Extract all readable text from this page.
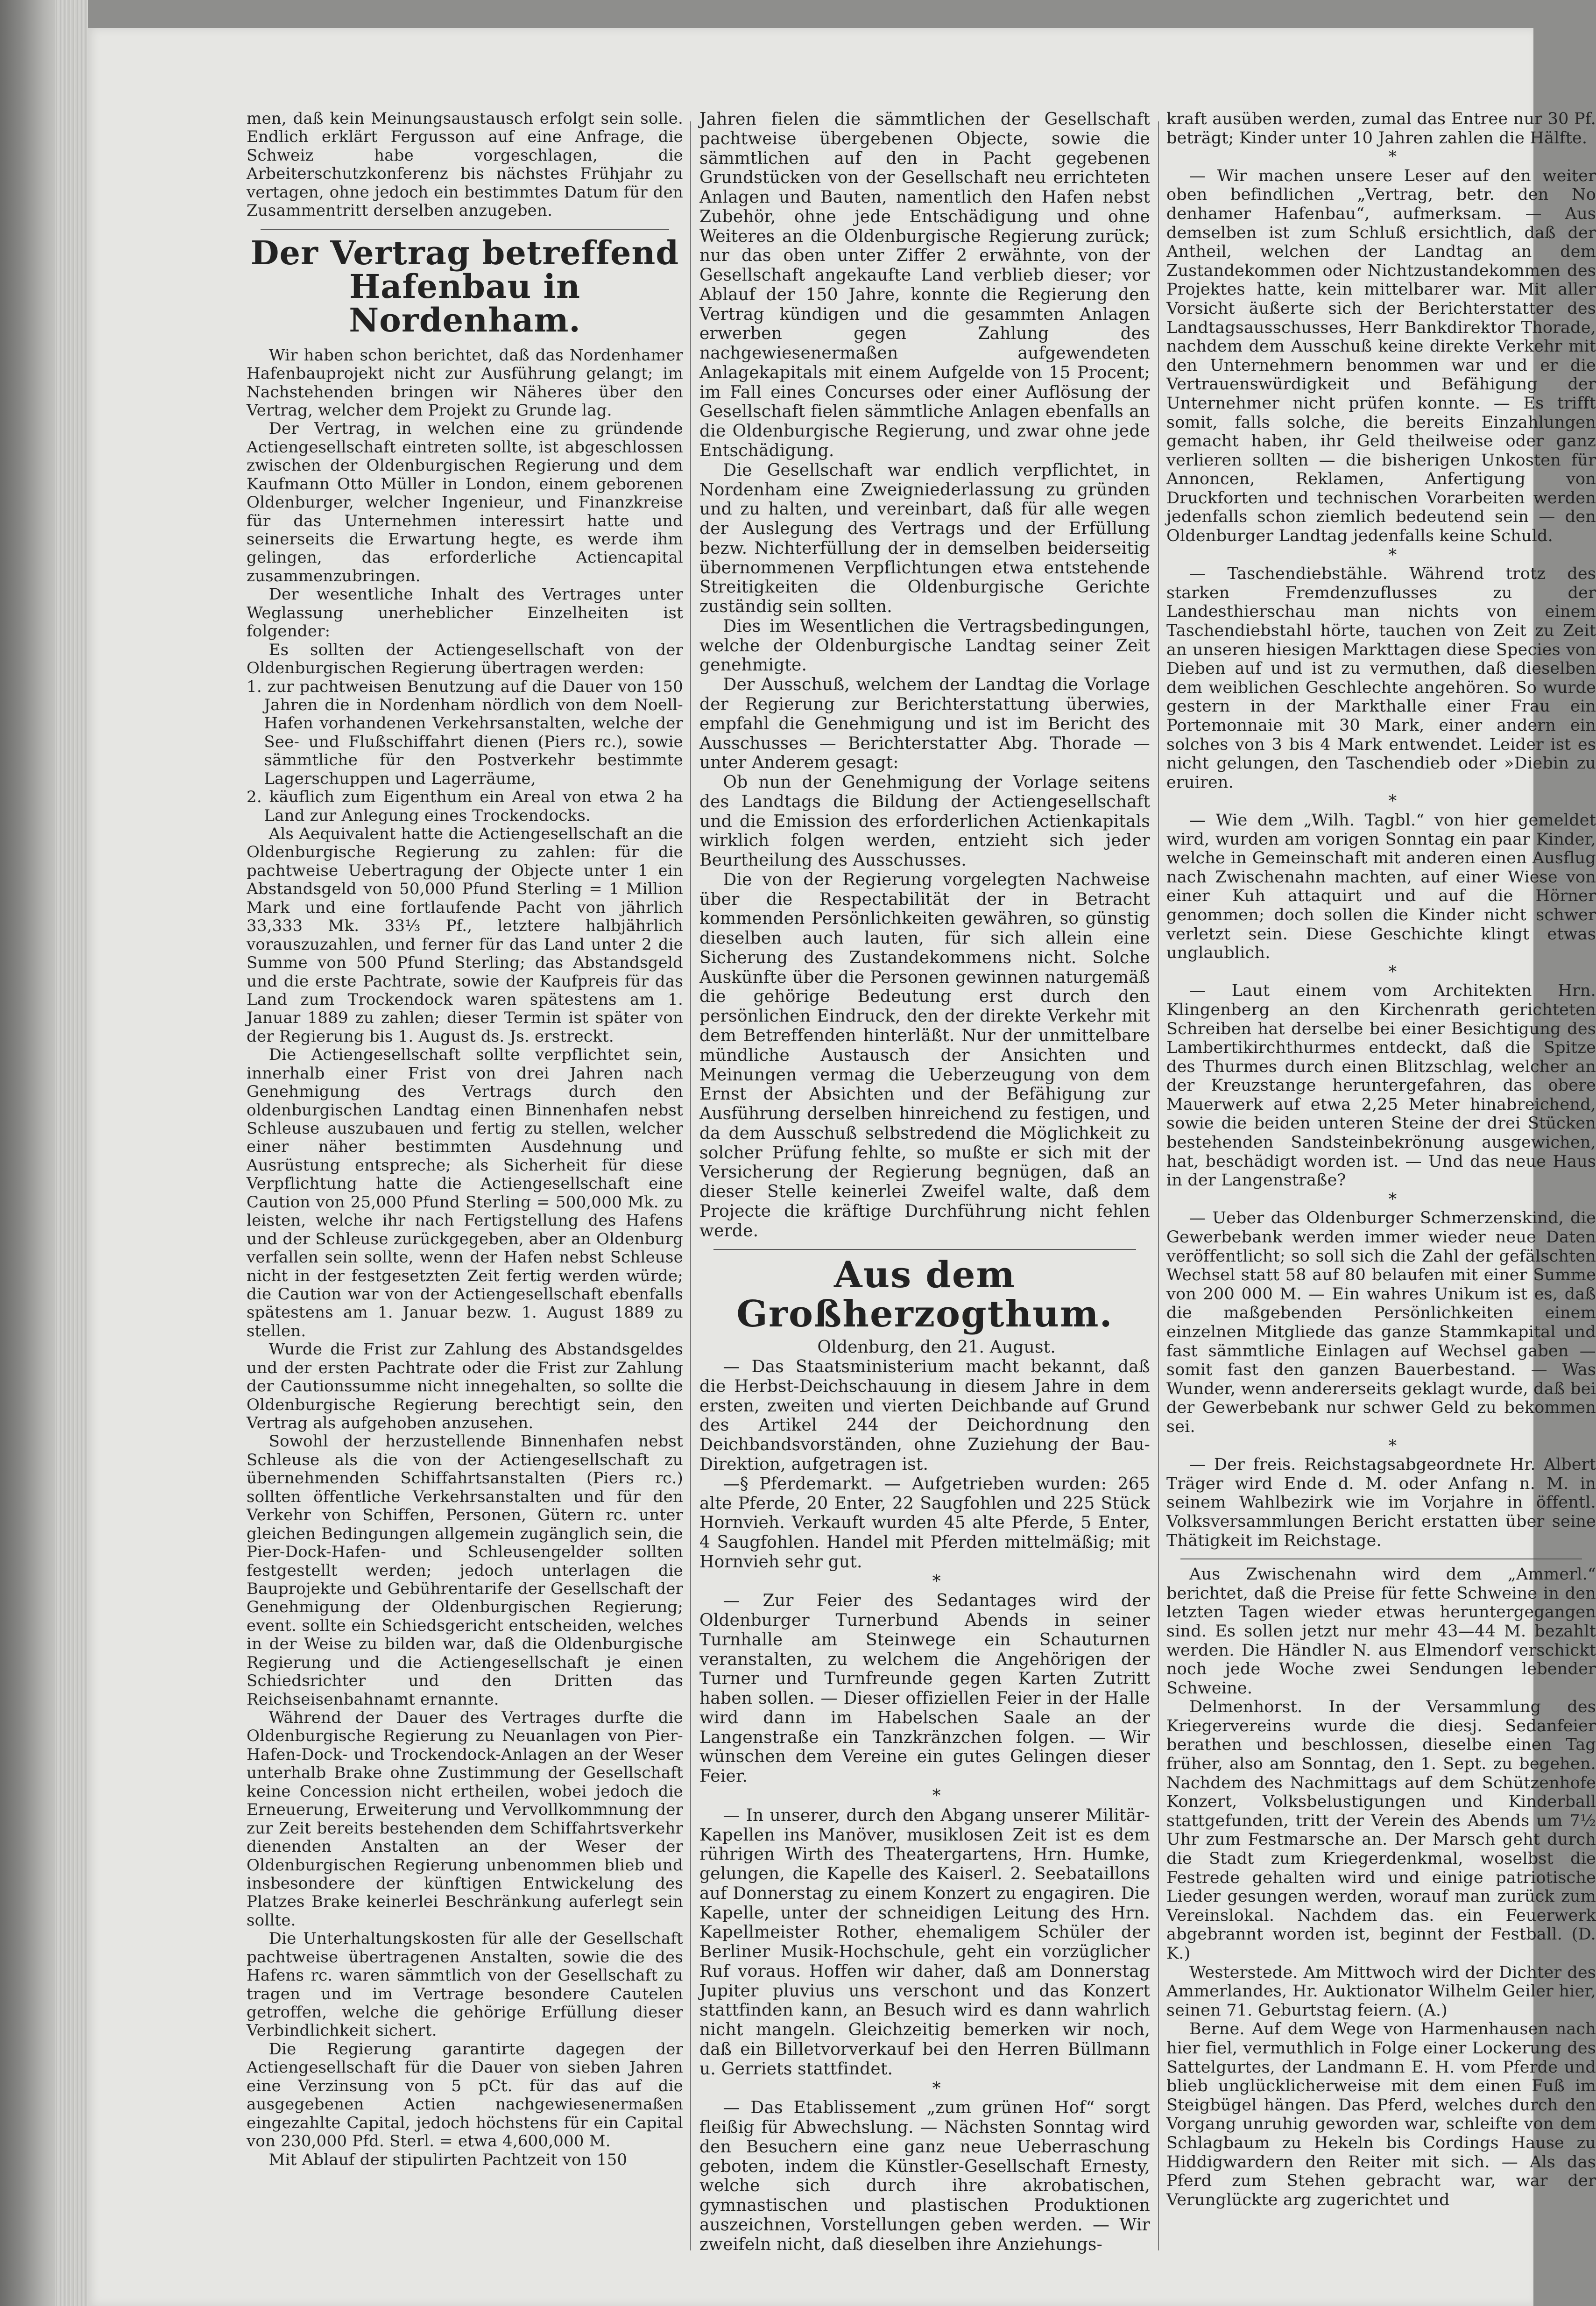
men, daß kein Meinungsaustausch erfolgt sein solle. Endlich erklärt Fergusson auf eine Anfrage, die Schweiz habe vorgeschlagen, die Arbeiterschutzkonferenz bis nächstes Frühjahr zu vertagen, ohne jedoch ein bestimmtes Datum für den Zusammentritt derselben anzugeben.

Der Vertrag betreffend Hafenbau in Nordenham.

Wir haben schon berichtet, daß das Nordenhamer Hafenbauprojekt nicht zur Ausführung gelangt; im Nachstehenden bringen wir Näheres über den Vertrag, welcher dem Projekt zu Grunde lag.

Der Vertrag, in welchen eine zu gründende Actiengesellschaft eintreten sollte, ist abgeschlossen zwischen der Oldenburgischen Regierung und dem Kaufmann Otto Müller in London, einem geborenen Oldenburger, welcher Ingenieur, und Finanzkreise für das Unternehmen interessirt hatte und seinerseits die Erwartung hegte, es werde ihm gelingen, das erforderliche Actiencapital zusammenzubringen.

Der wesentliche Inhalt des Vertrages unter Weglassung unerheblicher Einzelheiten ist folgender:

Es sollten der Actiengesellschaft von der Oldenburgischen Regierung übertragen werden:

1. zur pachtweisen Benutzung auf die Dauer von 150 Jahren die in Nordenham nördlich von dem Noell-Hafen vorhandenen Verkehrsanstalten, welche der See- und Flußschiffahrt dienen (Piers rc.), sowie sämmtliche für den Postverkehr bestimmte Lagerschuppen und Lagerräume,

2. käuflich zum Eigenthum ein Areal von etwa 2 ha Land zur Anlegung eines Trockendocks.

Als Aequivalent hatte die Actiengesellschaft an die Oldenburgische Regierung zu zahlen: für die pachtweise Uebertragung der Objecte unter 1 ein Abstandsgeld von 50,000 Pfund Sterling = 1 Million Mark und eine fortlaufende Pacht von jährlich 33,333 Mk. 33⅓ Pf., letztere halbjährlich vorauszuzahlen, und ferner für das Land unter 2 die Summe von 500 Pfund Sterling; das Abstandsgeld und die erste Pachtrate, sowie der Kaufpreis für das Land zum Trockendock waren spätestens am 1. Januar 1889 zu zahlen; dieser Termin ist später von der Regierung bis 1. August ds. Js. erstreckt.

Die Actiengesellschaft sollte verpflichtet sein, innerhalb einer Frist von drei Jahren nach Genehmigung des Vertrags durch den oldenburgischen Landtag einen Binnenhafen nebst Schleuse auszubauen und fertig zu stellen, welcher einer näher bestimmten Ausdehnung und Ausrüstung entspreche; als Sicherheit für diese Verpflichtung hatte die Actiengesellschaft eine Caution von 25,000 Pfund Sterling = 500,000 Mk. zu leisten, welche ihr nach Fertigstellung des Hafens und der Schleuse zurückgegeben, aber an Oldenburg verfallen sein sollte, wenn der Hafen nebst Schleuse nicht in der festgesetzten Zeit fertig werden würde; die Caution war von der Actiengesellschaft ebenfalls spätestens am 1. Januar bezw. 1. August 1889 zu stellen.

Wurde die Frist zur Zahlung des Abstandsgeldes und der ersten Pachtrate oder die Frist zur Zahlung der Cautionssumme nicht innegehalten, so sollte die Oldenburgische Regierung berechtigt sein, den Vertrag als aufgehoben anzusehen.

Sowohl der herzustellende Binnenhafen nebst Schleuse als die von der Actiengesellschaft zu übernehmenden Schiffahrtsanstalten (Piers rc.) sollten öffentliche Verkehrsanstalten und für den Verkehr von Schiffen, Personen, Gütern rc. unter gleichen Bedingungen allgemein zugänglich sein, die Pier-Dock-Hafen- und Schleusengelder sollten festgestellt werden; jedoch unterlagen die Bauprojekte und Gebührentarife der Gesellschaft der Genehmigung der Oldenburgischen Regierung; event. sollte ein Schiedsgericht entscheiden, welches in der Weise zu bilden war, daß die Oldenburgische Regierung und die Actiengesellschaft je einen Schiedsrichter und den Dritten das Reichseisenbahnamt ernannte.

Während der Dauer des Vertrages durfte die Oldenburgische Regierung zu Neuanlagen von Pier-Hafen-Dock- und Trockendock-Anlagen an der Weser unterhalb Brake ohne Zustimmung der Gesellschaft keine Concession nicht ertheilen, wobei jedoch die Erneuerung, Erweiterung und Vervollkommnung der zur Zeit bereits bestehenden dem Schiffahrtsverkehr dienenden Anstalten an der Weser der Oldenburgischen Regierung unbenommen blieb und insbesondere der künftigen Entwickelung des Platzes Brake keinerlei Beschränkung auferlegt sein sollte.

Die Unterhaltungskosten für alle der Gesellschaft pachtweise übertragenen Anstalten, sowie die des Hafens rc. waren sämmtlich von der Gesellschaft zu tragen und im Vertrage besondere Cautelen getroffen, welche die gehörige Erfüllung dieser Verbindlichkeit sichert.

Die Regierung garantirte dagegen der Actiengesellschaft für die Dauer von sieben Jahren eine Verzinsung von 5 pCt. für das auf die ausgegebenen Actien nachgewiesenermaßen eingezahlte Capital, jedoch höchstens für ein Capital von 230,000 Pfd. Sterl. = etwa 4,600,000 M.

Mit Ablauf der stipulirten Pachtzeit von 150

Jahren fielen die sämmtlichen der Gesellschaft pachtweise übergebenen Objecte, sowie die sämmtlichen auf den in Pacht gegebenen Grundstücken von der Gesellschaft neu errichteten Anlagen und Bauten, namentlich den Hafen nebst Zubehör, ohne jede Entschädigung und ohne Weiteres an die Oldenburgische Regierung zurück; nur das oben unter Ziffer 2 erwähnte, von der Gesellschaft angekaufte Land verblieb dieser; vor Ablauf der 150 Jahre, konnte die Regierung den Vertrag kündigen und die gesammten Anlagen erwerben gegen Zahlung des nachgewiesenermaßen aufgewendeten Anlagekapitals mit einem Aufgelde von 15 Procent; im Fall eines Concurses oder einer Auflösung der Gesellschaft fielen sämmtliche Anlagen ebenfalls an die Oldenburgische Regierung, und zwar ohne jede Entschädigung.

Die Gesellschaft war endlich verpflichtet, in Nordenham eine Zweigniederlassung zu gründen und zu halten, und vereinbart, daß für alle wegen der Auslegung des Vertrags und der Erfüllung bezw. Nichterfüllung der in demselben beiderseitig übernommenen Verpflichtungen etwa entstehende Streitigkeiten die Oldenburgische Gerichte zuständig sein sollten.

Dies im Wesentlichen die Vertragsbedingungen, welche der Oldenburgische Landtag seiner Zeit genehmigte.

Der Ausschuß, welchem der Landtag die Vorlage der Regierung zur Berichterstattung überwies, empfahl die Genehmigung und ist im Bericht des Ausschusses — Berichterstatter Abg. Thorade — unter Anderem gesagt:

Ob nun der Genehmigung der Vorlage seitens des Landtags die Bildung der Actiengesellschaft und die Emission des erforderlichen Actienkapitals wirklich folgen werden, entzieht sich jeder Beurtheilung des Ausschusses.

Die von der Regierung vorgelegten Nachweise über die Respectabilität der in Betracht kommenden Persönlichkeiten gewähren, so günstig dieselben auch lauten, für sich allein eine Sicherung des Zustandekommens nicht. Solche Auskünfte über die Personen gewinnen naturgemäß die gehörige Bedeutung erst durch den persönlichen Eindruck, den der direkte Verkehr mit dem Betreffenden hinterläßt. Nur der unmittelbare mündliche Austausch der Ansichten und Meinungen vermag die Ueberzeugung von dem Ernst der Absichten und der Befähigung zur Ausführung derselben hinreichend zu festigen, und da dem Ausschuß selbstredend die Möglichkeit zu solcher Prüfung fehlte, so mußte er sich mit der Versicherung der Regierung begnügen, daß an dieser Stelle keinerlei Zweifel walte, daß dem Projecte die kräftige Durchführung nicht fehlen werde.

Aus dem Großherzogthum.

Oldenburg, den 21. August.

— Das Staatsministerium macht bekannt, daß die Herbst-Deichschauung in diesem Jahre in dem ersten, zweiten und vierten Deichbande auf Grund des Artikel 244 der Deichordnung den Deichbandsvorständen, ohne Zuziehung der Bau-Direktion, aufgetragen ist.

—§ Pferdemarkt. — Aufgetrieben wurden: 265 alte Pferde, 20 Enter, 22 Saugfohlen und 225 Stück Hornvieh. Verkauft wurden 45 alte Pferde, 5 Enter, 4 Saugfohlen. Handel mit Pferden mittelmäßig; mit Hornvieh sehr gut.

*

— Zur Feier des Sedantages wird der Oldenburger Turnerbund Abends in seiner Turnhalle am Steinwege ein Schauturnen veranstalten, zu welchem die Angehörigen der Turner und Turnfreunde gegen Karten Zutritt haben sollen. — Dieser offiziellen Feier in der Halle wird dann im Habelschen Saale an der Langenstraße ein Tanzkränzchen folgen. — Wir wünschen dem Vereine ein gutes Gelingen dieser Feier.

*

— In unserer, durch den Abgang unserer Militär-Kapellen ins Manöver, musiklosen Zeit ist es dem rührigen Wirth des Theatergartens, Hrn. Humke, gelungen, die Kapelle des Kaiserl. 2. Seebataillons auf Donnerstag zu einem Konzert zu engagiren. Die Kapelle, unter der schneidigen Leitung des Hrn. Kapellmeister Rother, ehemaligem Schüler der Berliner Musik-Hochschule, geht ein vorzüglicher Ruf voraus. Hoffen wir daher, daß am Donnerstag Jupiter pluvius uns verschont und das Konzert stattfinden kann, an Besuch wird es dann wahrlich nicht mangeln. Gleichzeitig bemerken wir noch, daß ein Billetvorverkauf bei den Herren Büllmann u. Gerriets stattfindet.

*

— Das Etablissement „zum grünen Hof“ sorgt fleißig für Abwechslung. — Nächsten Sonntag wird den Besuchern eine ganz neue Ueberraschung geboten, indem die Künstler-Gesellschaft Ernesty, welche sich durch ihre akrobatischen, gymnastischen und plastischen Produktionen auszeichnen, Vorstellungen geben werden. — Wir zweifeln nicht, daß dieselben ihre Anziehungs-

kraft ausüben werden, zumal das Entree nur 30 Pf. beträgt; Kinder unter 10 Jahren zahlen die Hälfte.

*

— Wir machen unsere Leser auf den weiter oben befindlichen „Vertrag, betr. den No denhamer Hafenbau“, aufmerksam. — Aus demselben ist zum Schluß ersichtlich, daß der Antheil, welchen der Landtag an dem Zustandekommen oder Nichtzustandekommen des Projektes hatte, kein mittelbarer war. Mit aller Vorsicht äußerte sich der Berichterstatter des Landtagsausschusses, Herr Bankdirektor Thorade, nachdem dem Ausschuß keine direkte Verkehr mit den Unternehmern benommen war und er die Vertrauenswürdigkeit und Befähigung der Unternehmer nicht prüfen konnte. — Es trifft somit, falls solche, die bereits Einzahlungen gemacht haben, ihr Geld theilweise oder ganz verlieren sollten — die bisherigen Unkosten für Annoncen, Reklamen, Anfertigung von Druckforten und technischen Vorarbeiten werden jedenfalls schon ziemlich bedeutend sein — den Oldenburger Landtag jedenfalls keine Schuld.

*

— Taschendiebstähle. Während trotz des starken Fremdenzuflusses zu der Landesthierschau man nichts von einem Taschendiebstahl hörte, tauchen von Zeit zu Zeit an unseren hiesigen Markttagen diese Species von Dieben auf und ist zu vermuthen, daß dieselben dem weiblichen Geschlechte angehören. So wurde gestern in der Markthalle einer Frau ein Portemonnaie mit 30 Mark, einer andern ein solches von 3 bis 4 Mark entwendet. Leider ist es nicht gelungen, den Taschendieb oder »Diebin zu eruiren.

*

— Wie dem „Wilh. Tagbl.“ von hier gemeldet wird, wurden am vorigen Sonntag ein paar Kinder, welche in Gemeinschaft mit anderen einen Ausflug nach Zwischenahn machten, auf einer Wiese von einer Kuh attaquirt und auf die Hörner genommen; doch sollen die Kinder nicht schwer verletzt sein. Diese Geschichte klingt etwas unglaublich.

*

— Laut einem vom Architekten Hrn. Klingenberg an den Kirchenrath gerichteten Schreiben hat derselbe bei einer Besichtigung des Lambertikirchthurmes entdeckt, daß die Spitze des Thurmes durch einen Blitzschlag, welcher an der Kreuzstange heruntergefahren, das obere Mauerwerk auf etwa 2,25 Meter hinabreichend, sowie die beiden unteren Steine der drei Stücken bestehenden Sandsteinbekrönung ausgewichen, hat, beschädigt worden ist. — Und das neue Haus in der Langenstraße?

*

— Ueber das Oldenburger Schmerzenskind, die Gewerbebank werden immer wieder neue Daten veröffentlicht; so soll sich die Zahl der gefälschten Wechsel statt 58 auf 80 belaufen mit einer Summe von 200 000 M. — Ein wahres Unikum ist es, daß die maßgebenden Persönlichkeiten einem einzelnen Mitgliede das ganze Stammkapital und fast sämmtliche Einlagen auf Wechsel gaben — somit fast den ganzen Bauerbestand. — Was Wunder, wenn andererseits geklagt wurde, daß bei der Gewerbebank nur schwer Geld zu bekommen sei.

*

— Der freis. Reichstagsabgeordnete Hr. Albert Träger wird Ende d. M. oder Anfang n. M. in seinem Wahlbezirk wie im Vorjahre in öffentl. Volksversammlungen Bericht erstatten über seine Thätigkeit im Reichstage.

Aus Zwischenahn wird dem „Ammerl.“ berichtet, daß die Preise für fette Schweine in den letzten Tagen wieder etwas heruntergegangen sind. Es sollen jetzt nur mehr 43—44 M. bezahlt werden. Die Händler N. aus Elmendorf verschickt noch jede Woche zwei Sendungen lebender Schweine.

Delmenhorst. In der Versammlung des Kriegervereins wurde die diesj. Sedanfeier berathen und beschlossen, dieselbe einen Tag früher, also am Sonntag, den 1. Sept. zu begehen. Nachdem des Nachmittags auf dem Schützenhofe Konzert, Volksbelustigungen und Kinderball stattgefunden, tritt der Verein des Abends um 7½ Uhr zum Festmarsche an. Der Marsch geht durch die Stadt zum Kriegerdenkmal, woselbst die Festrede gehalten wird und einige patriotische Lieder gesungen werden, worauf man zurück zum Vereinslokal. Nachdem das. ein Feuerwerk abgebrannt worden ist, beginnt der Festball. (D. K.)

Westerstede. Am Mittwoch wird der Dichter des Ammerlandes, Hr. Auktionator Wilhelm Geiler hier, seinen 71. Geburtstag feiern. (A.)

Berne. Auf dem Wege von Harmenhausen nach hier fiel, vermuthlich in Folge einer Lockerung des Sattelgurtes, der Landmann E. H. vom Pferde und blieb unglücklicherweise mit dem einen Fuß im Steigbügel hängen. Das Pferd, welches durch den Vorgang unruhig geworden war, schleifte von dem Schlagbaum zu Hekeln bis Cordings Hause zu Hiddigwardern den Reiter mit sich. — Als das Pferd zum Stehen gebracht war, war der Verunglückte arg zugerichtet und
